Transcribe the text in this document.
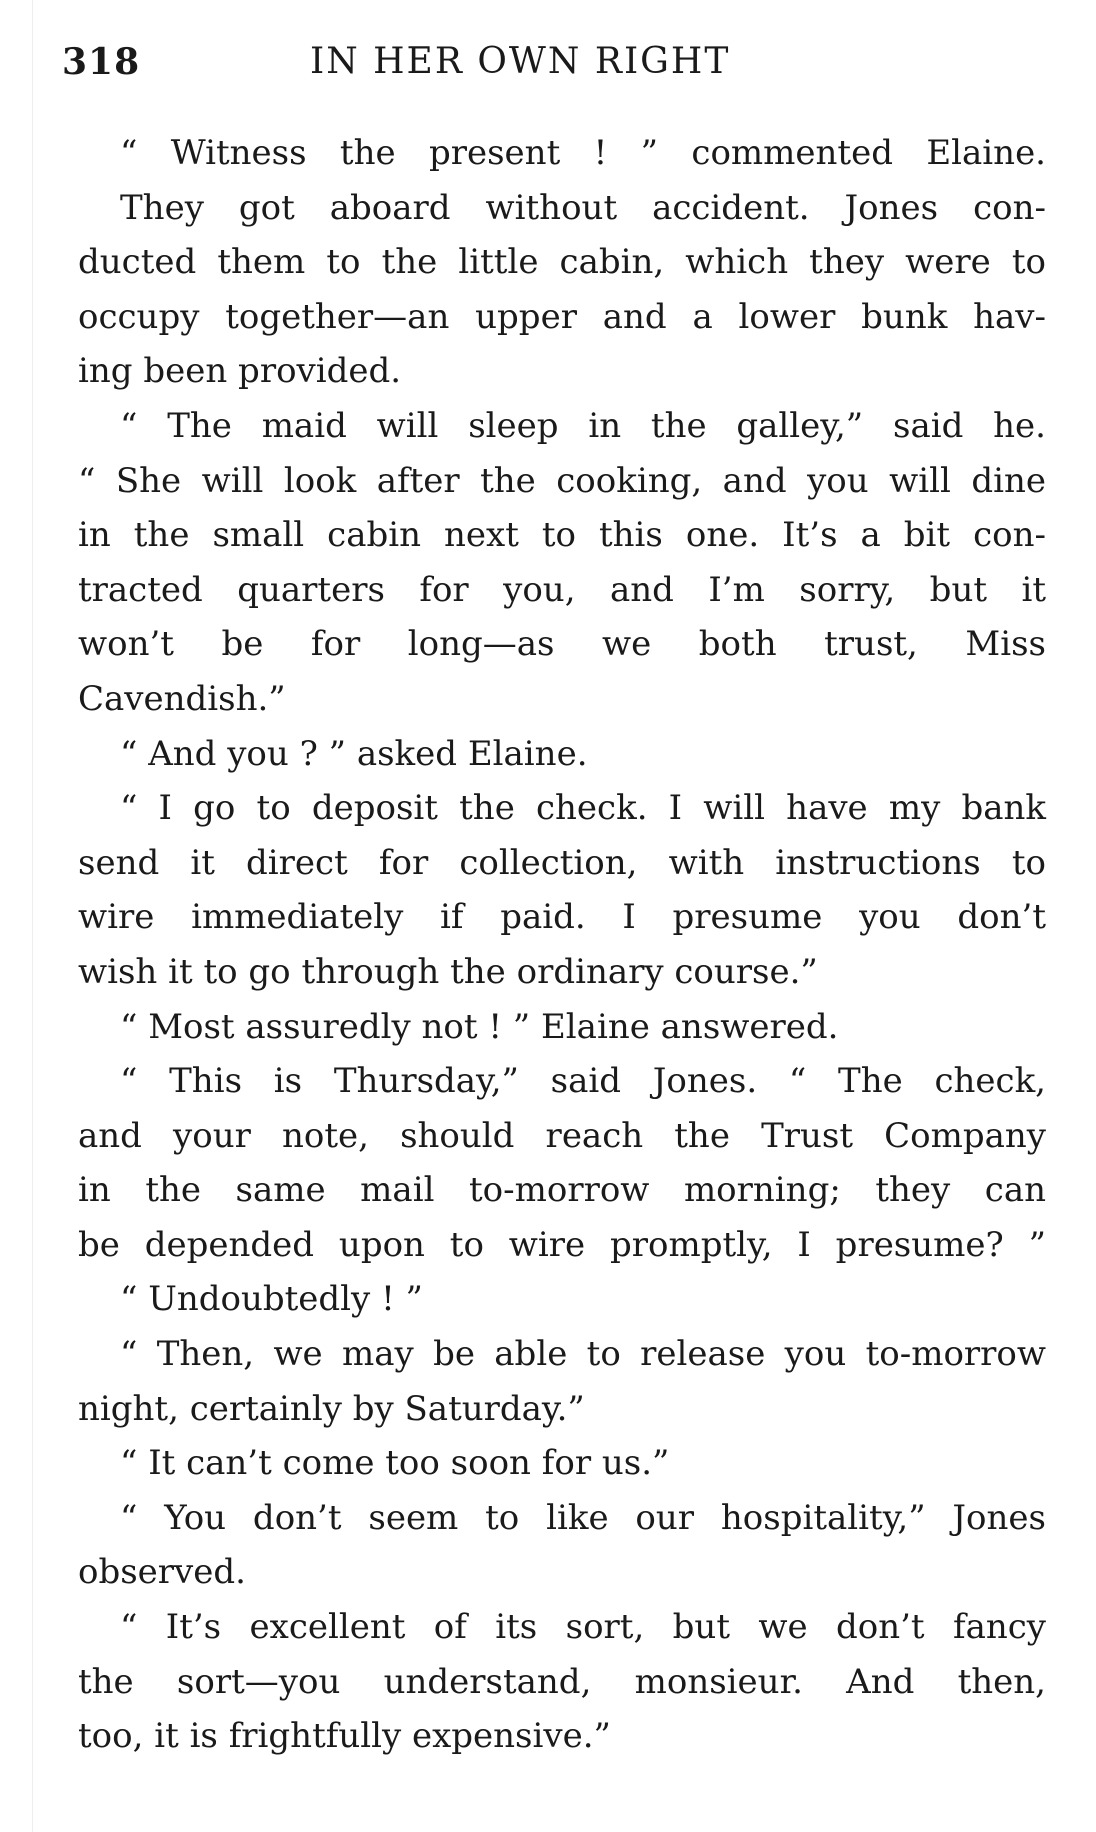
318	IN HER OWN RIGHT
“ Witness the present ! ” commented Elaine.
They got aboard without accident. Jones con-
ducted them to the little cabin, which they were to
occupy together—an upper and a lower bunk hav-
ing been provided.
“ The maid will sleep in the galley,” said he.
“ She will look after the cooking, and you will dine
in the small cabin next to this one. It’s a bit con-
tracted quarters for you, and I’m sorry, but it
won’t be for long—as we both trust, Miss
Cavendish.”
“ And you ? ” asked Elaine.
“ I go to deposit the check. I will have my bank
send it direct for collection, with instructions to
wire immediately if paid. I presume you don’t
wish it to go through the ordinary course.”
“ Most assuredly not ! ” Elaine answered.
“ This is Thursday,” said Jones. “ The check,
and your note, should reach the Trust Company
in the same mail to-morrow morning; they can
be depended upon to wire promptly, I presume? ”
“ Undoubtedly ! ”
“ Then, we may be able to release you to-morrow
night, certainly by Saturday.”
“ It can’t come too soon for us.”
“ You don’t seem to like our hospitality,” Jones
observed.
“ It’s excellent of its sort, but we don’t fancy
the sort—you understand, monsieur. And then,
too, it is frightfully expensive.”
